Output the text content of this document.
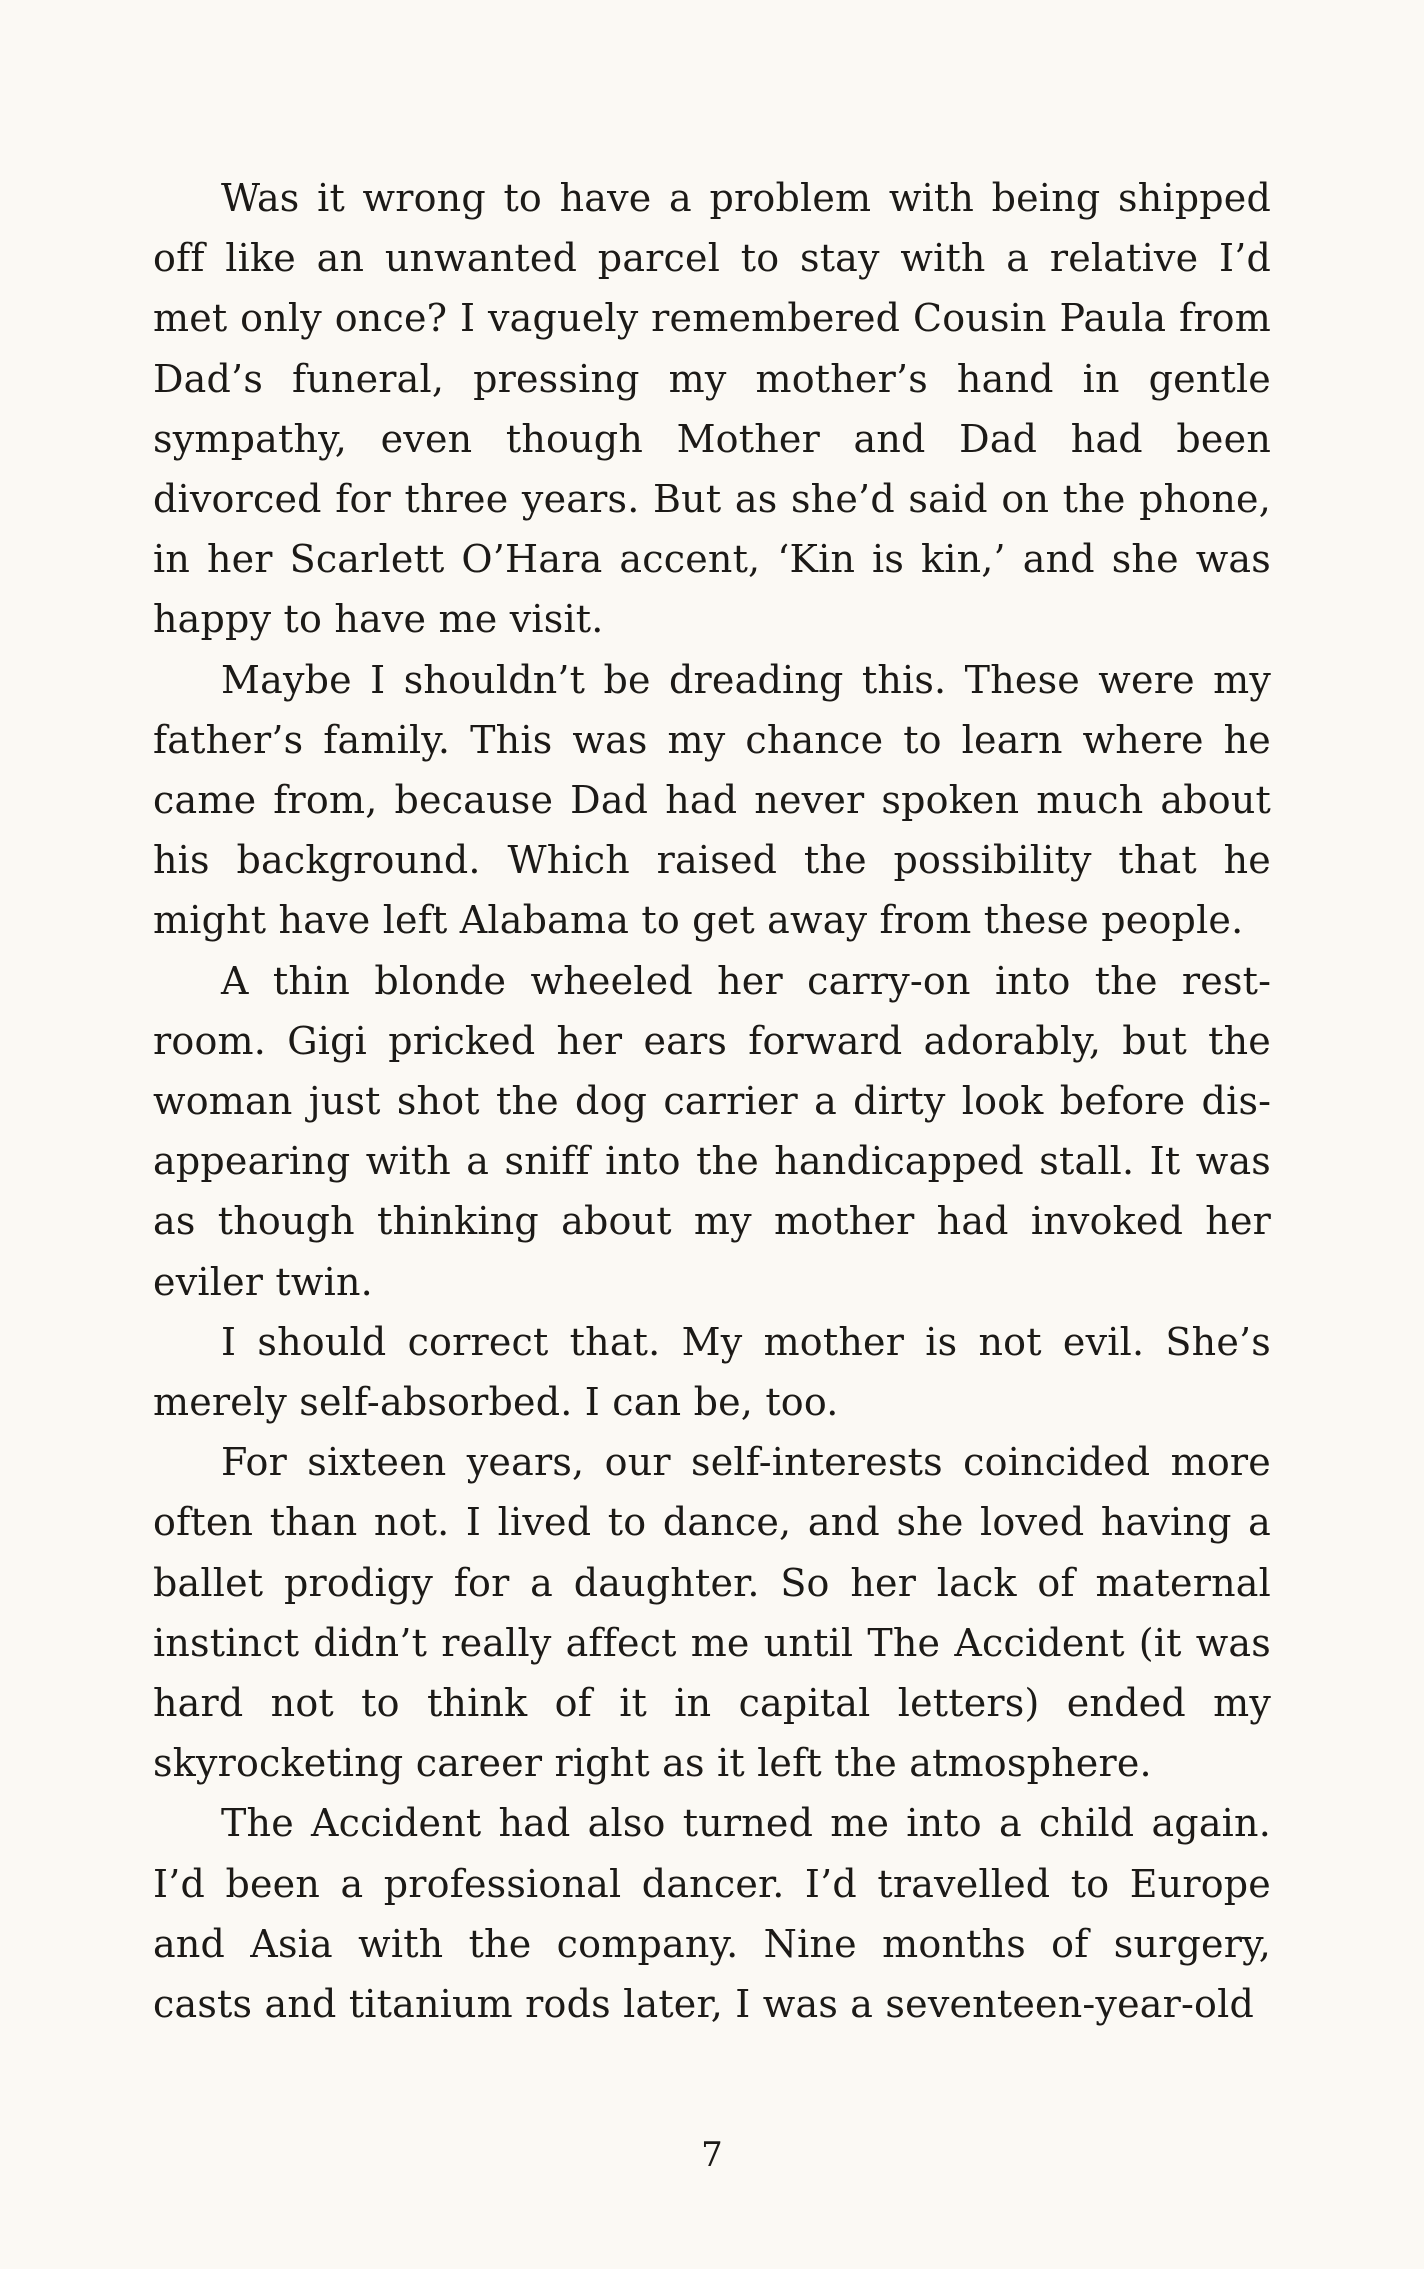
Was it wrong to have a problem with being shipped off like an unwanted parcel to stay with a relative I’d met only once? I vaguely remembered Cousin Paula from Dad’s funeral, pressing my mother’s hand in gentle sympathy, even though Mother and Dad had been divorced for three years. But as she’d said on the phone, in her Scarlett O’Hara accent, ‘Kin is kin,’ and she was happy to have me visit.

Maybe I shouldn’t be dreading this. These were my father’s family. This was my chance to learn where he came from, because Dad had never spoken much about his background. Which raised the possibility that he might have left Alabama to get away from these people.

A thin blonde wheeled her carry-on into the restroom. Gigi pricked her ears forward adorably, but the woman just shot the dog carrier a dirty look before disappearing with a sniff into the handicapped stall. It was as though thinking about my mother had invoked her eviler twin.

I should correct that. My mother is not evil. She’s merely self-absorbed. I can be, too.

For sixteen years, our self-interests coincided more often than not. I lived to dance, and she loved having a ballet prodigy for a daughter. So her lack of maternal instinct didn’t really affect me until The Accident (it was hard not to think of it in capital letters) ended my skyrocketing career right as it left the atmosphere.

The Accident had also turned me into a child again. I’d been a professional dancer. I’d travelled to Europe and Asia with the company. Nine months of surgery, casts and titanium rods later, I was a seventeen-year-old

7
